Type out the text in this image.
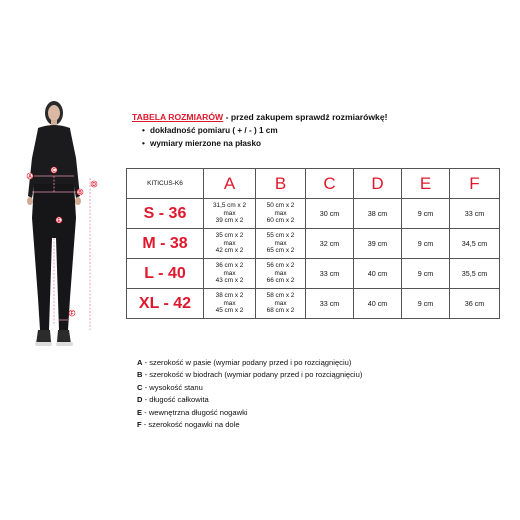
A
B
C
D
E
F
TABELA ROZMIARÓW - przed zakupem sprawdź rozmiarówkę!
• dokładność pomiaru ( + / - ) 1 cm
• wymiary mierzone na płasko
KITICUS-K6	A	B	C	D	E	F
S - 36	31,5 cm x 2
max
39 cm x 2	50 cm x 2
max
60 cm x 2	30 cm	38 cm	9 cm	33 cm
M - 38	35 cm x 2
max
42 cm x 2	55 cm x 2
max
65 cm x 2	32 cm	39 cm	9 cm	34,5 cm
L - 40	36 cm x 2
max
43 cm x 2	56 cm x 2
max
66 cm x 2	33 cm	40 cm	9 cm	35,5 cm
XL - 42	38 cm x 2
max
45 cm x 2	58 cm x 2
max
68 cm x 2	33 cm	40 cm	9 cm	36 cm
A - szerokość w pasie (wymiar podany przed i po rozciągnięciu)
B - szerokość w biodrach (wymiar podany przed i po rozciągnięciu)
C - wysokość stanu
D - długość całkowita
E - wewnętrzna długość nogawki
F - szerokość nogawki na dole
